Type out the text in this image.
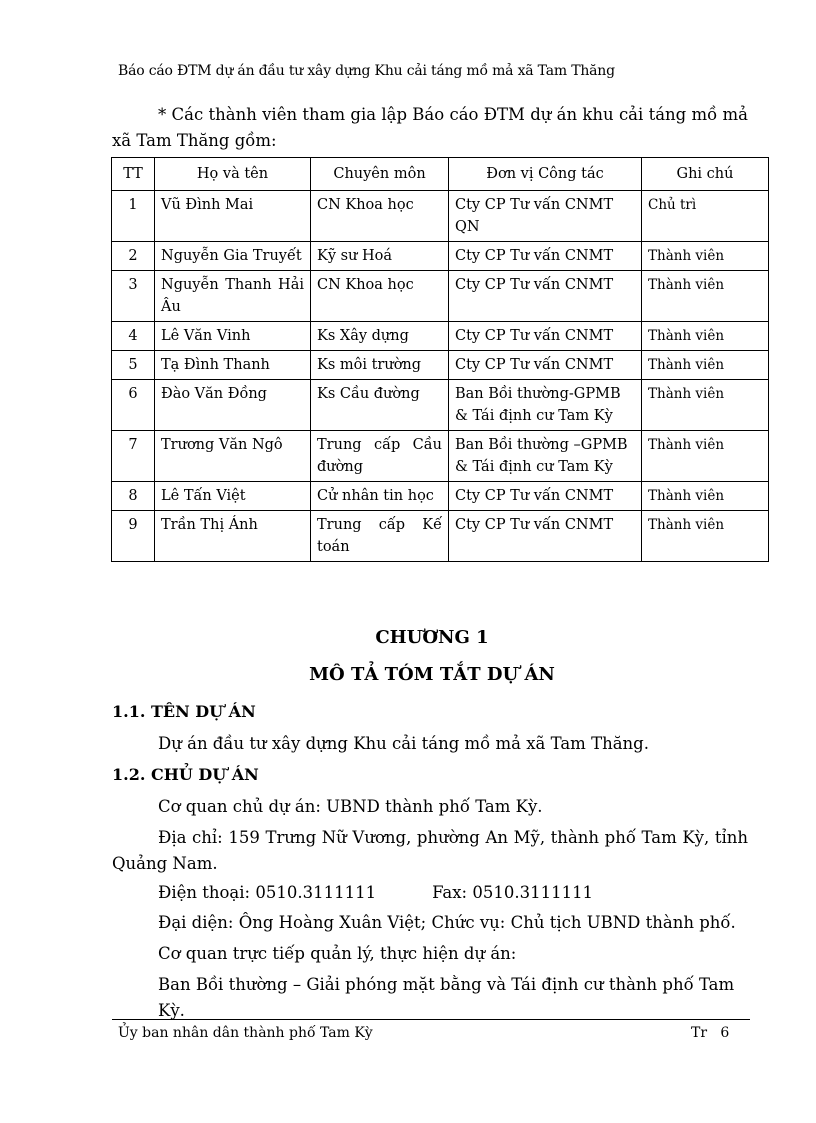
Báo cáo ĐTM dự án đầu tư xây dựng Khu cải táng mồ mả xã Tam Thăng
* Các thành viên tham gia lập Báo cáo ĐTM dự án khu cải táng mồ mả xã Tam Thăng gồm:
TT	Họ và tên	Chuyên môn	Đơn vị Công tác	Ghi chú
1	Vũ Đình Mai	CN Khoa học	Cty CP Tư vấn CNMT QN	Chủ trì
2	Nguyễn Gia Truyết	Kỹ sư Hoá	Cty CP Tư vấn CNMT	Thành viên
3	Nguyễn Thanh Hải Âu	CN Khoa học	Cty CP Tư vấn CNMT	Thành viên
4	Lê Văn Vinh	Ks Xây dựng	Cty CP Tư vấn CNMT	Thành viên
5	Tạ Đình Thanh	Ks môi trường	Cty CP Tư vấn CNMT	Thành viên
6	Đào Văn Đồng	Ks Cầu đường	Ban Bồi thường-GPMB & Tái định cư Tam Kỳ	Thành viên
7	Trương Văn Ngô	Trung cấp Cầu đường	Ban Bồi thường –GPMB & Tái định cư Tam Kỳ	Thành viên
8	Lê Tấn Việt	Cử nhân tin học	Cty CP Tư vấn CNMT	Thành viên
9	Trần Thị Ánh	Trung cấp Kế toán	Cty CP Tư vấn CNMT	Thành viên
CHƯƠNG 1
MÔ TẢ TÓM TẮT DỰ ÁN
1.1. TÊN DỰ ÁN
Dự án đầu tư xây dựng Khu cải táng mồ mả xã Tam Thăng.
1.2. CHỦ DỰ ÁN
Cơ quan chủ dự án: UBND thành phố Tam Kỳ.
Địa chỉ: 159 Trưng Nữ Vương, phường An Mỹ, thành phố Tam Kỳ, tỉnh Quảng Nam.
Điện thoại: 0510.3111111	Fax: 0510.3111111
Đại diện: Ông Hoàng Xuân Việt; Chức vụ: Chủ tịch UBND thành phố.
Cơ quan trực tiếp quản lý, thực hiện dự án:
Ban Bồi thường – Giải phóng mặt bằng và Tái định cư thành phố Tam Kỳ.
Ủy ban nhân dân thành phố Tam Kỳ	Tr   6
